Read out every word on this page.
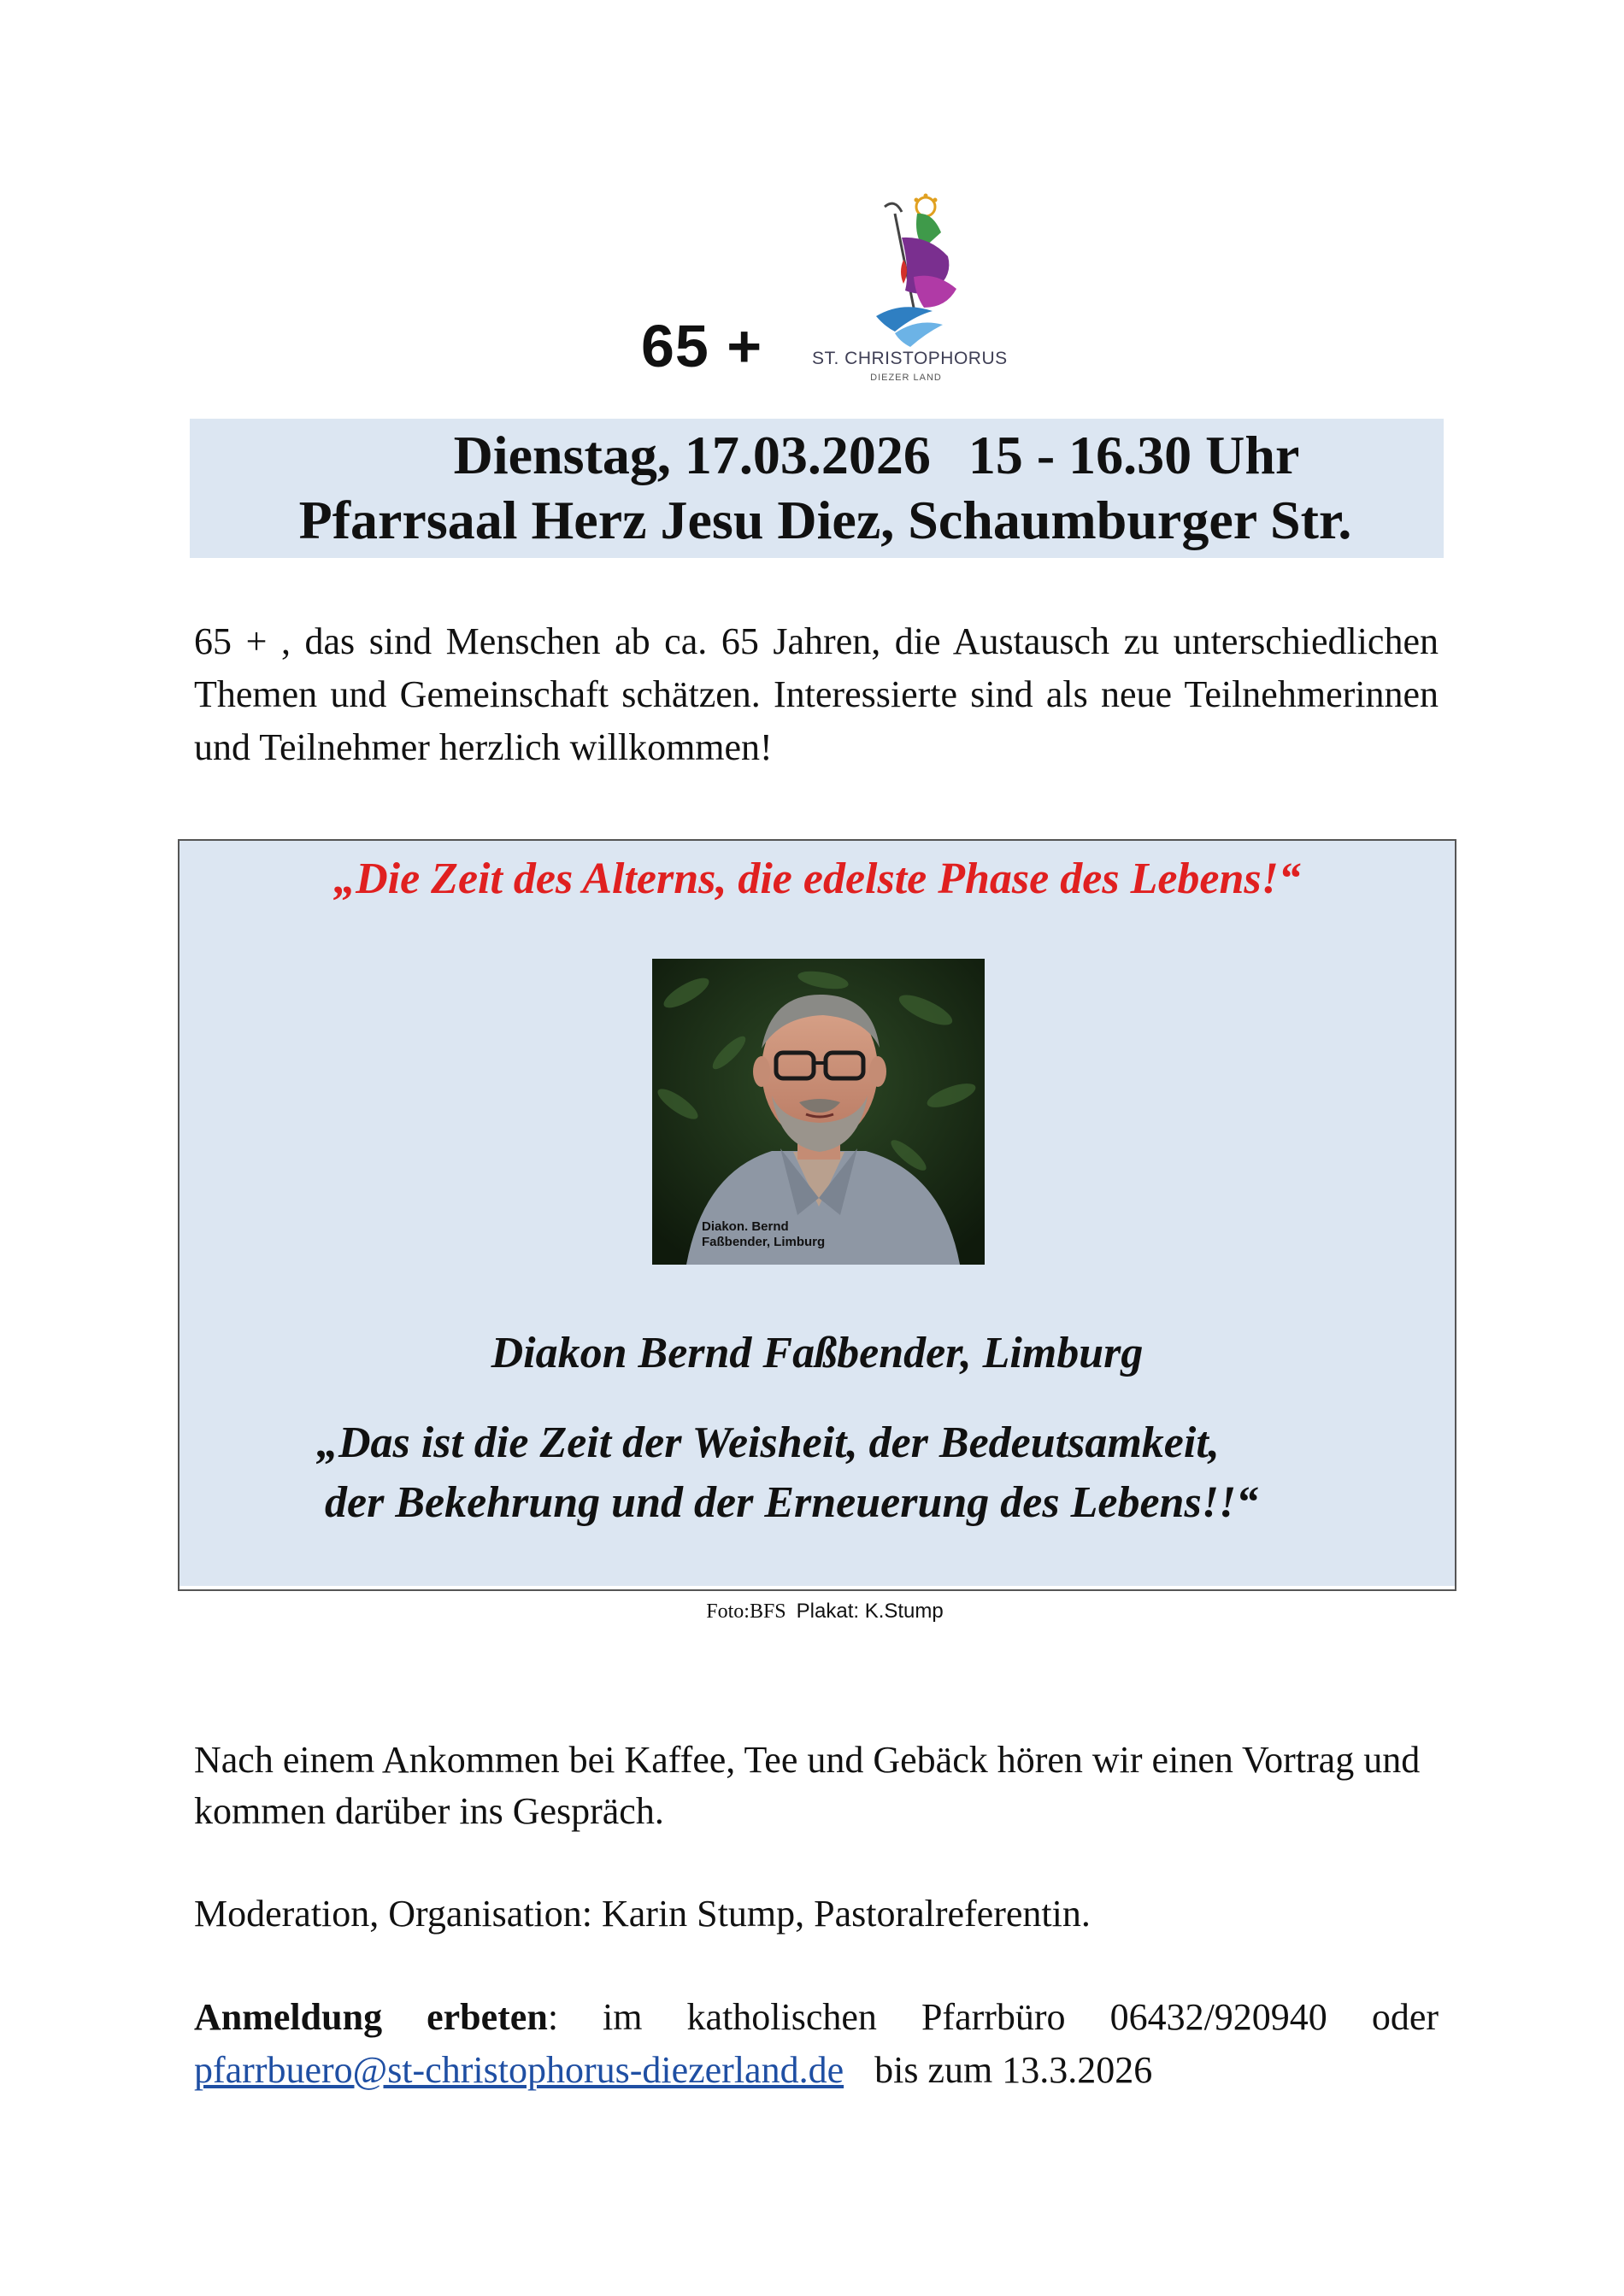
65 +	ST. CHRISTOPHORUS
DIEZER LAND
Dienstag, 17.03.2026 15 - 16.30 Uhr
Pfarrsaal Herz Jesu Diez, Schaumburger Str.
65 + , das sind Menschen ab ca. 65 Jahren, die Austausch zu unterschiedlichen Themen und Gemeinschaft schätzen. Interessierte sind als neue Teilnehmerinnen und Teilnehmer herzlich willkommen!
„Die Zeit des Alterns, die edelste Phase des Lebens!“
Diakon. Bernd
Faßbender, Limburg
Diakon Bernd Faßbender, Limburg
„Das ist die Zeit der Weisheit, der Bedeutsamkeit,
der Bekehrung und der Erneuerung des Lebens!!“
Foto:BFS Plakat: K.Stump
Nach einem Ankommen bei Kaffee, Tee und Gebäck hören wir einen Vortrag und kommen darüber ins Gespräch.
Moderation, Organisation: Karin Stump, Pastoralreferentin.
Anmeldung erbeten: im katholischen Pfarrbüro 06432/920940 oder
pfarrbuero@st-christophorus-diezerland.de bis zum 13.3.2026
